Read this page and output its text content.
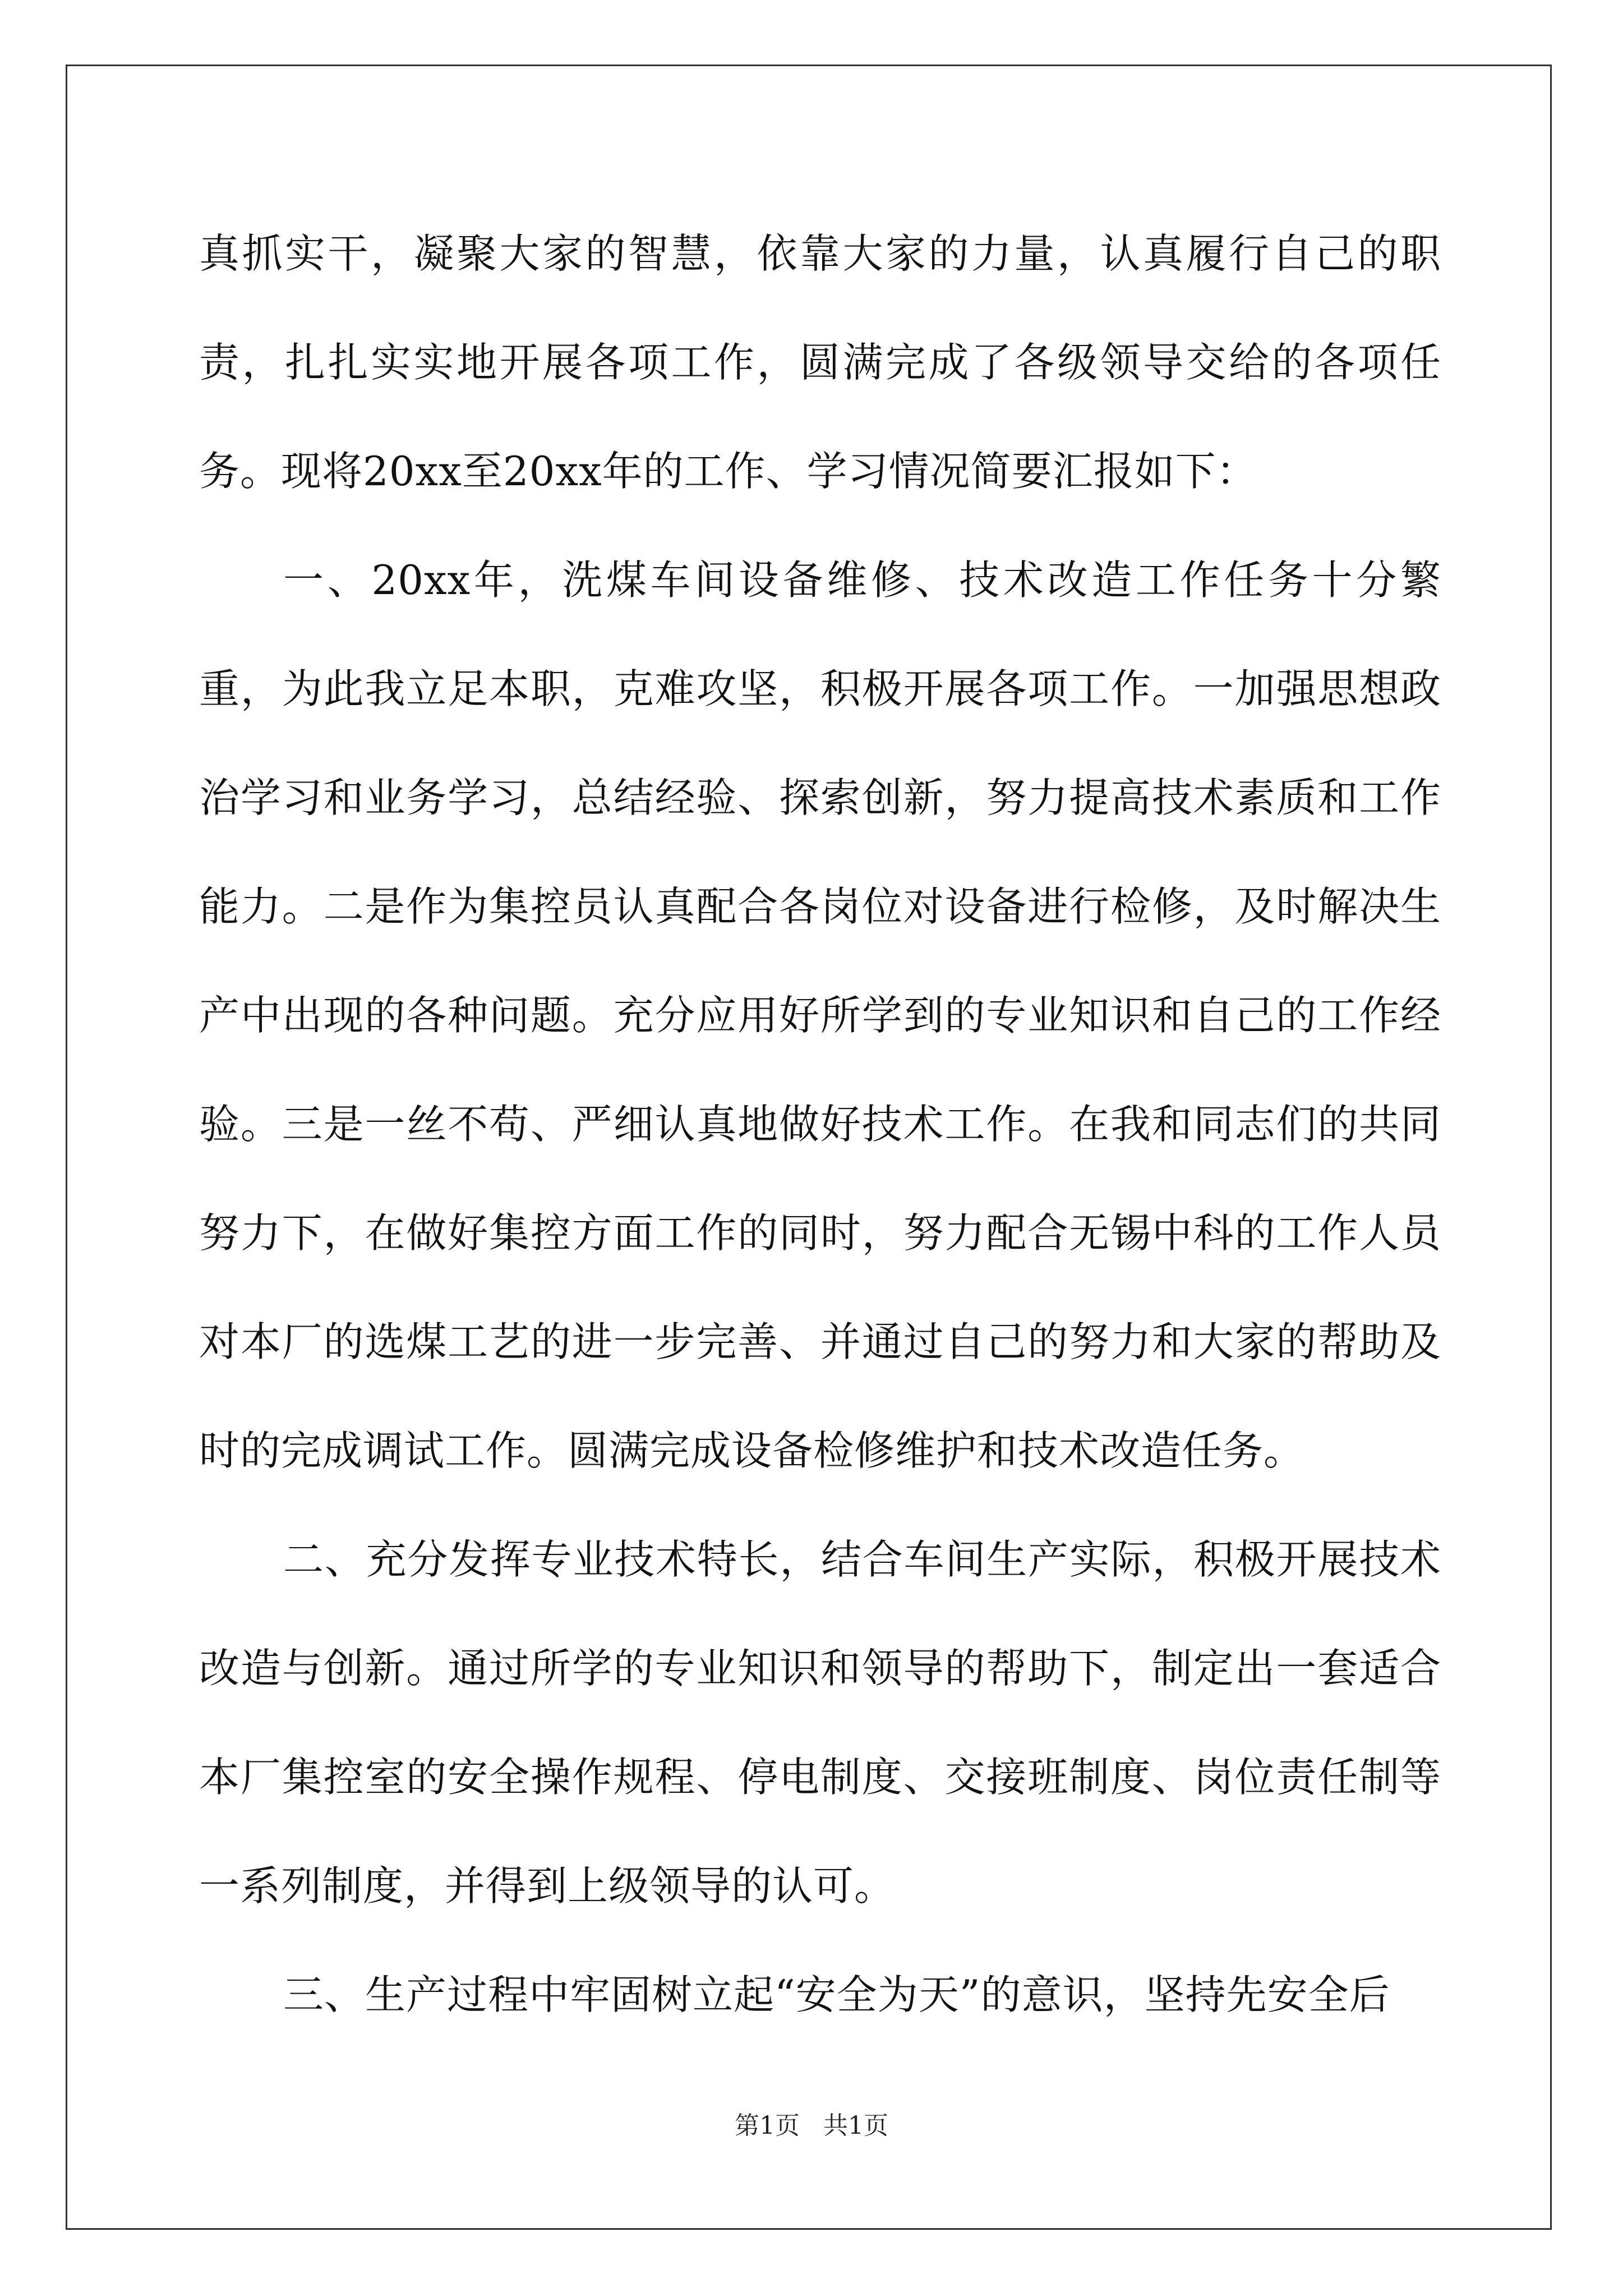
真抓实干，凝聚大家的智慧，依靠大家的力量，认真履行自己的职责，扎扎实实地开展各项工作，圆满完成了各级领导交给的各项任务。现将20xx至20xx年的工作、学习情况简要汇报如下：

一、20xx年，洗煤车间设备维修、技术改造工作任务十分繁重，为此我立足本职，克难攻坚，积极开展各项工作。一加强思想政治学习和业务学习，总结经验、探索创新，努力提高技术素质和工作能力。二是作为集控员认真配合各岗位对设备进行检修，及时解决生产中出现的各种问题。充分应用好所学到的专业知识和自己的工作经验。三是一丝不苟、严细认真地做好技术工作。在我和同志们的共同努力下，在做好集控方面工作的同时，努力配合无锡中科的工作人员对本厂的选煤工艺的进一步完善、并通过自己的努力和大家的帮助及时的完成调试工作。圆满完成设备检修维护和技术改造任务。

二、充分发挥专业技术特长，结合车间生产实际，积极开展技术改造与创新。通过所学的专业知识和领导的帮助下，制定出一套适合本厂集控室的安全操作规程、停电制度、交接班制度、岗位责任制等一系列制度，并得到上级领导的认可。

三、生产过程中牢固树立起“安全为天”的意识，坚持先安全后

第1页   共1页
